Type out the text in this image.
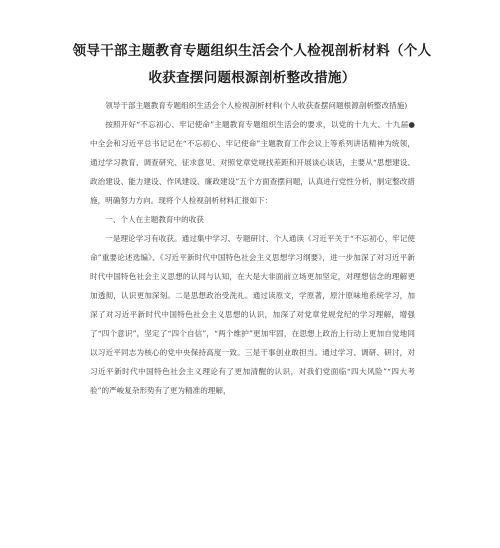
领导干部主题教育专题组织生活会个人检视剖析材料（个人收获查摆问题根源剖析整改措施）

领导干部主题教育专题组织生活会个人检视剖析材料(个人收获查摆问题根源剖析整改措施)

按照开好“不忘初心、牢记使命”主题教育专题组织生活会的要求，以党的十九大、十九届●中全会和习近平总书记记在“不忘初心、牢记使命”主题教育工作会议上等系列讲话精神为统领，通过学习教育、调查研究、征求意见、对照党章党规找差距和开展谈心谈话，主要从“思想建设、政治建设、能力建设、作风建设、廉政建设”五个方面查摆问题，认真进行党性分析，制定整改措施，明确努力方向。现将个人检视剖析材料汇报如下：

一、个人在主题教育中的收获

一是理论学习有收获。通过集中学习、专题研讨、个人通读《习近平关于“不忘初心、牢记使命”重要论述选编》、《习近平新时代中国特色社会主义思想学习纲要》，进一步加深了对习近平新时代中国特色社会主义思想的认同与认知，在大是大非面前立场更加坚定，对理想信念的理解更加透彻，认识更加深刻。二是思想政治受洗礼。通过读原文，学原著，原汁原味地系统学习，加深了对习近平新时代中国特色社会主义思想的认识，加深了对党章党规党纪的学习理解，增强了“四个意识”，坚定了“四个自信”，“两个维护”更加牢固，在思想上政治上行动上更加自觉地同以习近平同志为核心的党中央保持高度一致。三是干事创业敢担当。通过学习、调研、研讨，对习近平新时代中国特色社会主义理论有了更加清醒的认识，对我们党面临“四大风险”“四大考验”的严峻复杂形势有了更为精准的理解，
